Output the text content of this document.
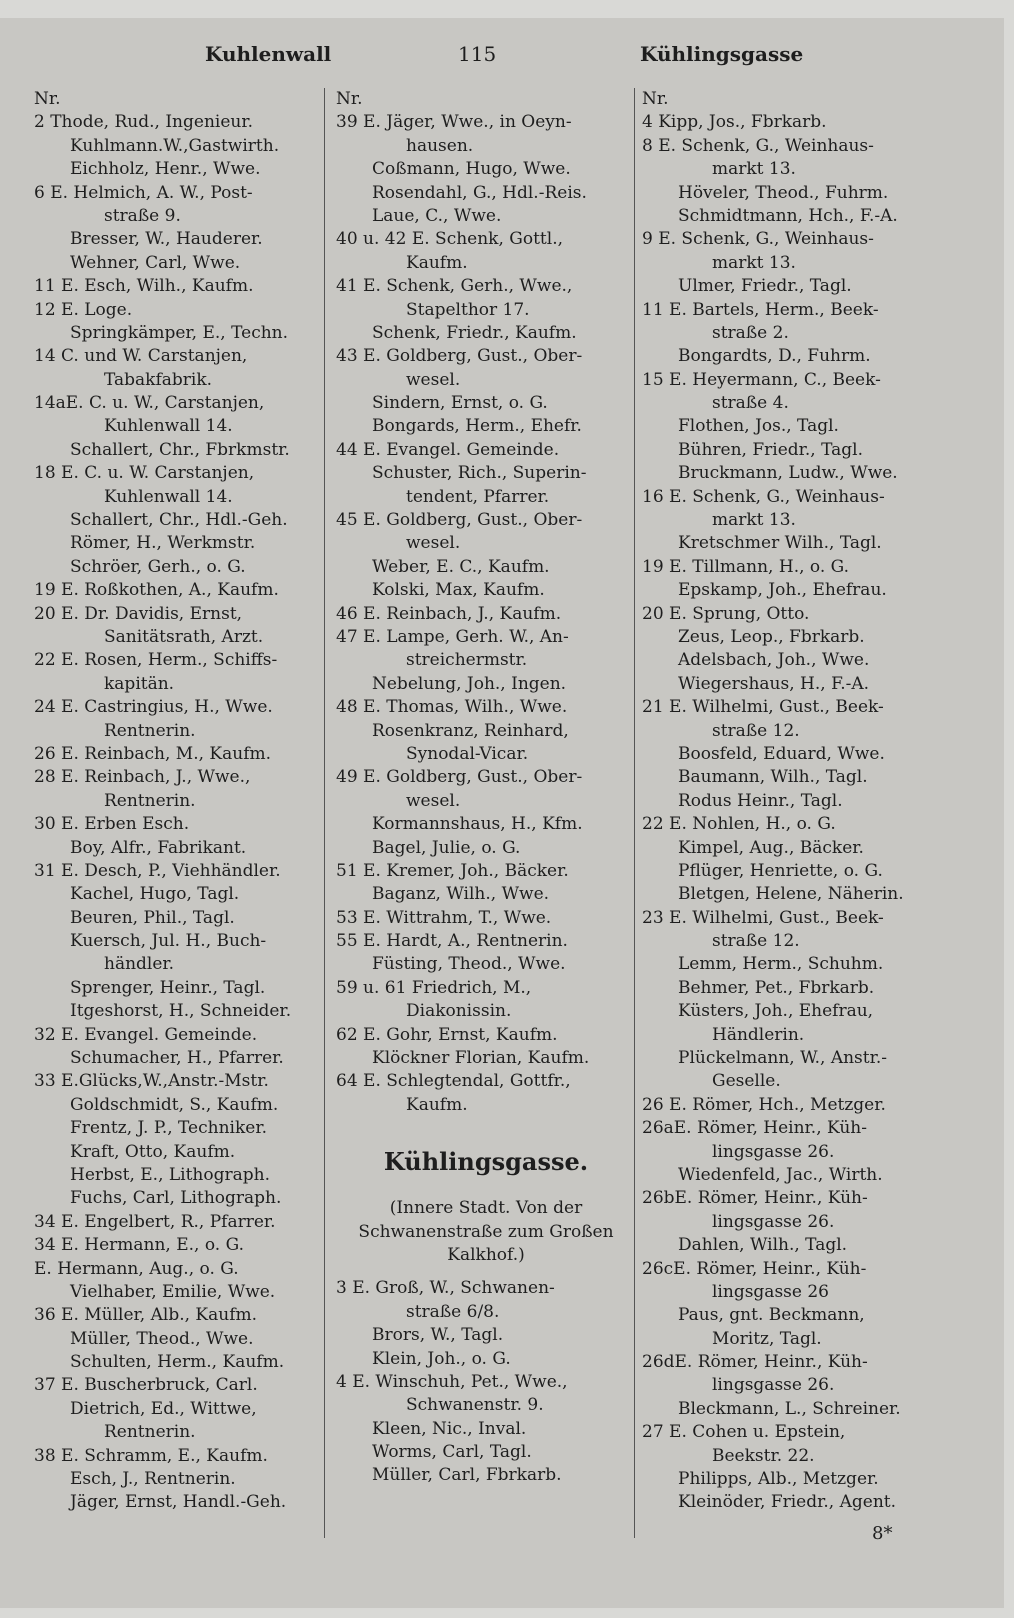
Kuhlenwall	115	Kühlingsgasse
Nr.
2 Thode, Rud., Ingenieur.
Kuhlmann.W.,Gastwirth.
Eichholz, Henr., Wwe.
6 E. Helmich, A. W., Post-
straße 9.
Bresser, W., Hauderer.
Wehner, Carl, Wwe.
11 E. Esch, Wilh., Kaufm.
12 E. Loge.
Springkämper, E., Techn.
14 C. und W. Carstanjen,
Tabakfabrik.
14aE. C. u. W., Carstanjen,
Kuhlenwall 14.
Schallert, Chr., Fbrkmstr.
18 E. C. u. W. Carstanjen,
Kuhlenwall 14.
Schallert, Chr., Hdl.-Geh.
Römer, H., Werkmstr.
Schröer, Gerh., o. G.
19 E. Roßkothen, A., Kaufm.
20 E. Dr. Davidis, Ernst,
Sanitätsrath, Arzt.
22 E. Rosen, Herm., Schiffs-
kapitän.
24 E. Castringius, H., Wwe.
Rentnerin.
26 E. Reinbach, M., Kaufm.
28 E. Reinbach, J., Wwe.,
Rentnerin.
30 E. Erben Esch.
Boy, Alfr., Fabrikant.
31 E. Desch, P., Viehhändler.
Kachel, Hugo, Tagl.
Beuren, Phil., Tagl.
Kuersch, Jul. H., Buch-
händler.
Sprenger, Heinr., Tagl.
Itgeshorst, H., Schneider.
32 E. Evangel. Gemeinde.
Schumacher, H., Pfarrer.
33 E.Glücks,W.,Anstr.-Mstr.
Goldschmidt, S., Kaufm.
Frentz, J. P., Techniker.
Kraft, Otto, Kaufm.
Herbst, E., Lithograph.
Fuchs, Carl, Lithograph.
34 E. Engelbert, R., Pfarrer.
34 E. Hermann, E., o. G.
E. Hermann, Aug., o. G.
Vielhaber, Emilie, Wwe.
36 E. Müller, Alb., Kaufm.
Müller, Theod., Wwe.
Schulten, Herm., Kaufm.
37 E. Buscherbruck, Carl.
Dietrich, Ed., Wittwe,
Rentnerin.
38 E. Schramm, E., Kaufm.
Esch, J., Rentnerin.
Jäger, Ernst, Handl.-Geh.
Nr.
39 E. Jäger, Wwe., in Oeyn-
hausen.
Coßmann, Hugo, Wwe.
Rosendahl, G., Hdl.-Reis.
Laue, C., Wwe.
40 u. 42 E. Schenk, Gottl.,
Kaufm.
41 E. Schenk, Gerh., Wwe.,
Stapelthor 17.
Schenk, Friedr., Kaufm.
43 E. Goldberg, Gust., Ober-
wesel.
Sindern, Ernst, o. G.
Bongards, Herm., Ehefr.
44 E. Evangel. Gemeinde.
Schuster, Rich., Superin-
tendent, Pfarrer.
45 E. Goldberg, Gust., Ober-
wesel.
Weber, E. C., Kaufm.
Kolski, Max, Kaufm.
46 E. Reinbach, J., Kaufm.
47 E. Lampe, Gerh. W., An-
streichermstr.
Nebelung, Joh., Ingen.
48 E. Thomas, Wilh., Wwe.
Rosenkranz, Reinhard,
Synodal-Vicar.
49 E. Goldberg, Gust., Ober-
wesel.
Kormannshaus, H., Kfm.
Bagel, Julie, o. G.
51 E. Kremer, Joh., Bäcker.
Baganz, Wilh., Wwe.
53 E. Wittrahm, T., Wwe.
55 E. Hardt, A., Rentnerin.
Füsting, Theod., Wwe.
59 u. 61 Friedrich, M.,
Diakonissin.
62 E. Gohr, Ernst, Kaufm.
Klöckner Florian, Kaufm.
64 E. Schlegtendal, Gottfr.,
Kaufm.
Kühlingsgasse.
(Innere Stadt. Von der
Schwanenstraße zum Großen
Kalkhof.)
3 E. Groß, W., Schwanen-
straße 6/8.
Brors, W., Tagl.
Klein, Joh., o. G.
4 E. Winschuh, Pet., Wwe.,
Schwanenstr. 9.
Kleen, Nic., Inval.
Worms, Carl, Tagl.
Müller, Carl, Fbrkarb.
Nr.
4 Kipp, Jos., Fbrkarb.
8 E. Schenk, G., Weinhaus-
markt 13.
Höveler, Theod., Fuhrm.
Schmidtmann, Hch., F.-A.
9 E. Schenk, G., Weinhaus-
markt 13.
Ulmer, Friedr., Tagl.
11 E. Bartels, Herm., Beek-
straße 2.
Bongardts, D., Fuhrm.
15 E. Heyermann, C., Beek-
straße 4.
Flothen, Jos., Tagl.
Bühren, Friedr., Tagl.
Bruckmann, Ludw., Wwe.
16 E. Schenk, G., Weinhaus-
markt 13.
Kretschmer Wilh., Tagl.
19 E. Tillmann, H., o. G.
Epskamp, Joh., Ehefrau.
20 E. Sprung, Otto.
Zeus, Leop., Fbrkarb.
Adelsbach, Joh., Wwe.
Wiegershaus, H., F.-A.
21 E. Wilhelmi, Gust., Beek-
straße 12.
Boosfeld, Eduard, Wwe.
Baumann, Wilh., Tagl.
Rodus Heinr., Tagl.
22 E. Nohlen, H., o. G.
Kimpel, Aug., Bäcker.
Pflüger, Henriette, o. G.
Bletgen, Helene, Näherin.
23 E. Wilhelmi, Gust., Beek-
straße 12.
Lemm, Herm., Schuhm.
Behmer, Pet., Fbrkarb.
Küsters, Joh., Ehefrau,
Händlerin.
Plückelmann, W., Anstr.-
Geselle.
26 E. Römer, Hch., Metzger.
26aE. Römer, Heinr., Küh-
lingsgasse 26.
Wiedenfeld, Jac., Wirth.
26bE. Römer, Heinr., Küh-
lingsgasse 26.
Dahlen, Wilh., Tagl.
26cE. Römer, Heinr., Küh-
lingsgasse 26
Paus, gnt. Beckmann,
Moritz, Tagl.
26dE. Römer, Heinr., Küh-
lingsgasse 26.
Bleckmann, L., Schreiner.
27 E. Cohen u. Epstein,
Beekstr. 22.
Philipps, Alb., Metzger.
Kleinöder, Friedr., Agent.
8*
